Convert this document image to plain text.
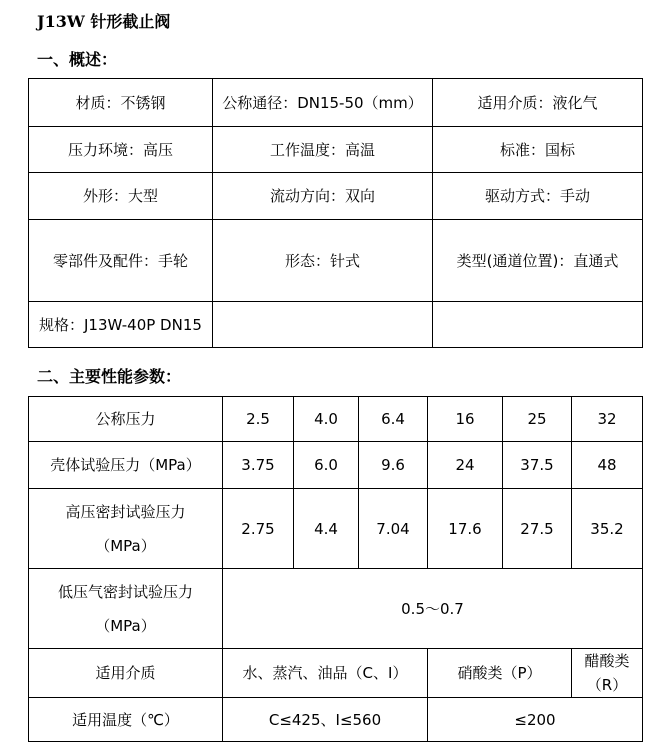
J13W 针形截止阀
一、概述：
材质：不锈钢	公称通径：DN15-50（mm）	适用介质：液化气
压力环境：高压	工作温度：高温	标准：国标
外形：大型	流动方向：双向	驱动方式：手动
零部件及配件：手轮	形态：针式	类型(通道位置)：直通式
规格：J13W-40P DN15		
二、主要性能参数：
公称压力	2.5	4.0	6.4	16	25	32
壳体试验压力（MPa）	3.75	6.0	9.6	24	37.5	48
高压密封试验压力（MPa）	2.75	4.4	7.04	17.6	27.5	35.2
低压气密封试验压力（MPa）	0.5～0.7					
适用介质	水、蒸汽、油品（C、I）			硝酸类（P）		醋酸类（R）
适用温度（℃）	C≤425、I≤560			≤200		
